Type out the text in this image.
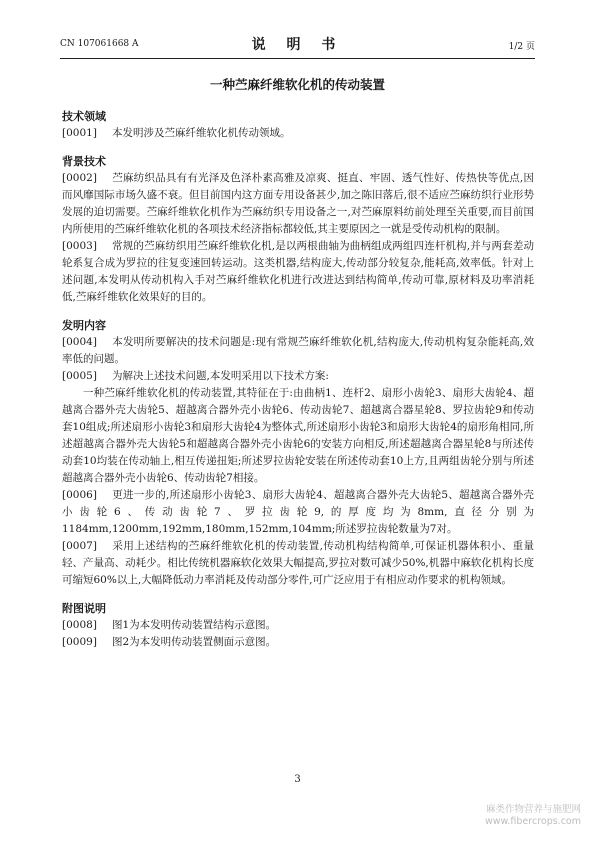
CN 107061668 A	说 明 书	1/2 页
一种苎麻纤维软化机的传动装置
技术领域

[0001] 本发明涉及苎麻纤维软化机传动领域。

背景技术

[0002] 苎麻纺织品具有有光泽及色泽朴素高雅及凉爽、挺直、牢固、透气性好、传热快等优点,因而风靡国际市场久盛不衰。但目前国内这方面专用设备甚少,加之陈旧落后,很不适应苎麻纺织行业形势发展的迫切需要。苎麻纤维软化机作为苎麻纺织专用设备之一,对苎麻原料纺前处理至关重要,而目前国内所使用的苎麻纤维软化机的各项技术经济指标都较低,其主要原因之一就是受传动机构的限制。

[0003] 常规的苎麻纺织用苎麻纤维软化机,是以两根曲轴为曲柄组成两组四连杆机构,并与两套差动轮系复合成为罗拉的往复变速回转运动。这类机器,结构庞大,传动部分较复杂,能耗高,效率低。针对上述问题,本发明从传动机构入手对苎麻纤维软化机进行改进达到结构简单,传动可靠,原材料及功率消耗低,苎麻纤维软化效果好的目的。

发明内容

[0004] 本发明所要解决的技术问题是:现有常规苎麻纤维软化机,结构庞大,传动机构复杂能耗高,效率低的问题。

[0005] 为解决上述技术问题,本发明采用以下技术方案:

一种苎麻纤维软化机的传动装置,其特征在于:由曲柄1、连杆2、扇形小齿轮3、扇形大齿轮4、超越离合器外壳大齿轮5、超越离合器外壳小齿轮6、传动齿轮7、超越离合器星轮8、罗拉齿轮9和传动套10组成;所述扇形小齿轮3和扇形大齿轮4为整体式,所述扇形小齿轮3和扇形大齿轮4的扇形角相同,所述超越离合器外壳大齿轮5和超越离合器外壳小齿轮6的安装方向相反,所述超越离合器星轮8与所述传动套10均装在传动轴上,相互传递扭矩;所述罗拉齿轮安装在所述传动套10上方,且两组齿轮分别与所述超越离合器外壳小齿轮6、传动齿轮7相接。

[0006] 更进一步的,所述扇形小齿轮3、扇形大齿轮4、超越离合器外壳大齿轮5、超越离合器外壳小齿轮6、传动齿轮7、罗拉齿轮9,的厚度均为8mm,直径分别为1184mm,1200mm,192mm,180mm,152mm,104mm;所述罗拉齿轮数量为7对。

[0007] 采用上述结构的苎麻纤维软化机的传动装置,传动机构结构简单,可保证机器体积小、重量轻、产量高、动耗少。相比传统机器麻软化效果大幅提高,罗拉对数可减少50%,机器中麻软化机构长度可缩短60%以上,大幅降低动力率消耗及传动部分零件,可广泛应用于有相应动作要求的机构领域。

附图说明

[0008] 图1为本发明传动装置结构示意图。

[0009] 图2为本发明传动装置侧面示意图。

3
麻类作物营养与施肥网
www.fibercrops.com
